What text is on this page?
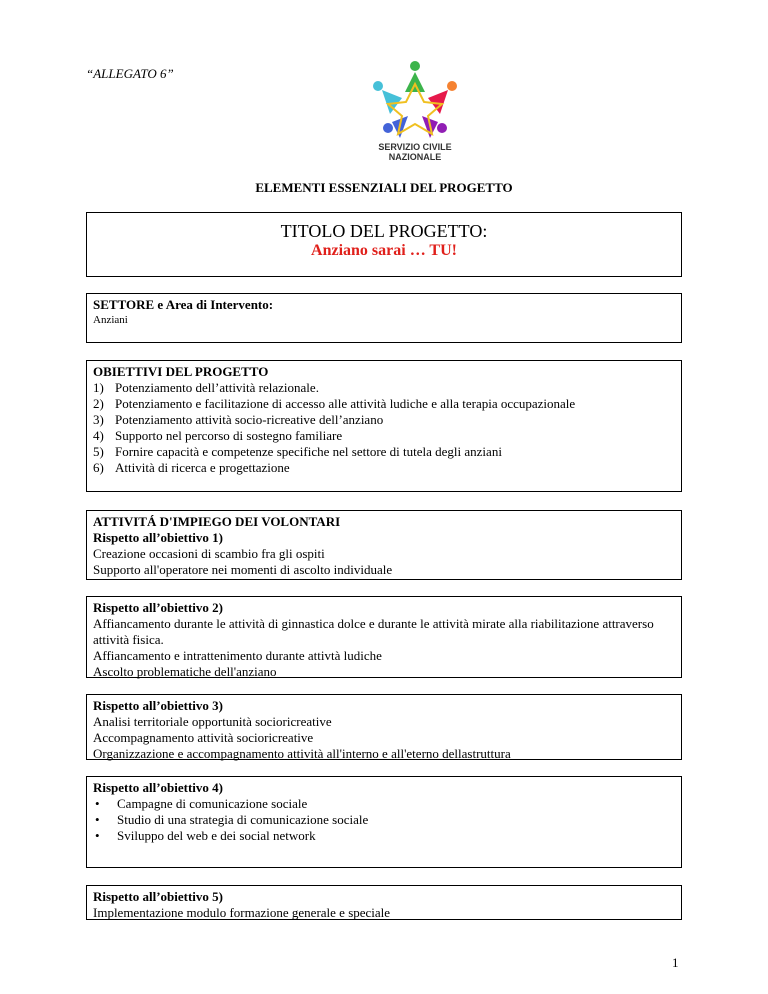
“ALLEGATO 6”
SERVIZIO CIVILE
NAZIONALE
ELEMENTI ESSENZIALI DEL PROGETTO
TITOLO DEL PROGETTO:
Anziano sarai … TU!
SETTORE e Area di Intervento:
Anziani
OBIETTIVI DEL PROGETTO
1) Potenziamento dell’attività relazionale.
2) Potenziamento e facilitazione di accesso alle attività ludiche e alla terapia occupazionale
3) Potenziamento attività socio-ricreative dell’anziano
4) Supporto nel percorso di sostegno familiare
5) Fornire capacità e competenze specifiche nel settore di tutela degli anziani
6) Attività di ricerca e progettazione
ATTIVITÁ D'IMPIEGO DEI VOLONTARI
Rispetto all’obiettivo 1)
Creazione occasioni di scambio fra gli ospiti
Supporto all'operatore nei momenti di ascolto individuale
Rispetto all’obiettivo 2)
Affiancamento durante le attività di ginnastica dolce e durante le attività mirate alla riabilitazione attraverso attività fisica.
Affiancamento e intrattenimento durante attivtà ludiche
Ascolto problematiche dell'anziano
Rispetto all’obiettivo 3)
Analisi territoriale opportunità sociorіcreative
Accompagnamento attività sociorіcreative
Organizzazione e accompagnamento attività all'interno e all'eterno dellastruttura
Rispetto all’obiettivo 4)
• Campagne di comunicazione sociale
• Studio di una strategia di comunicazione sociale
• Sviluppo del web e dei social network
Rispetto all’obiettivo 5)
Implementazione modulo formazione generale e speciale
1
